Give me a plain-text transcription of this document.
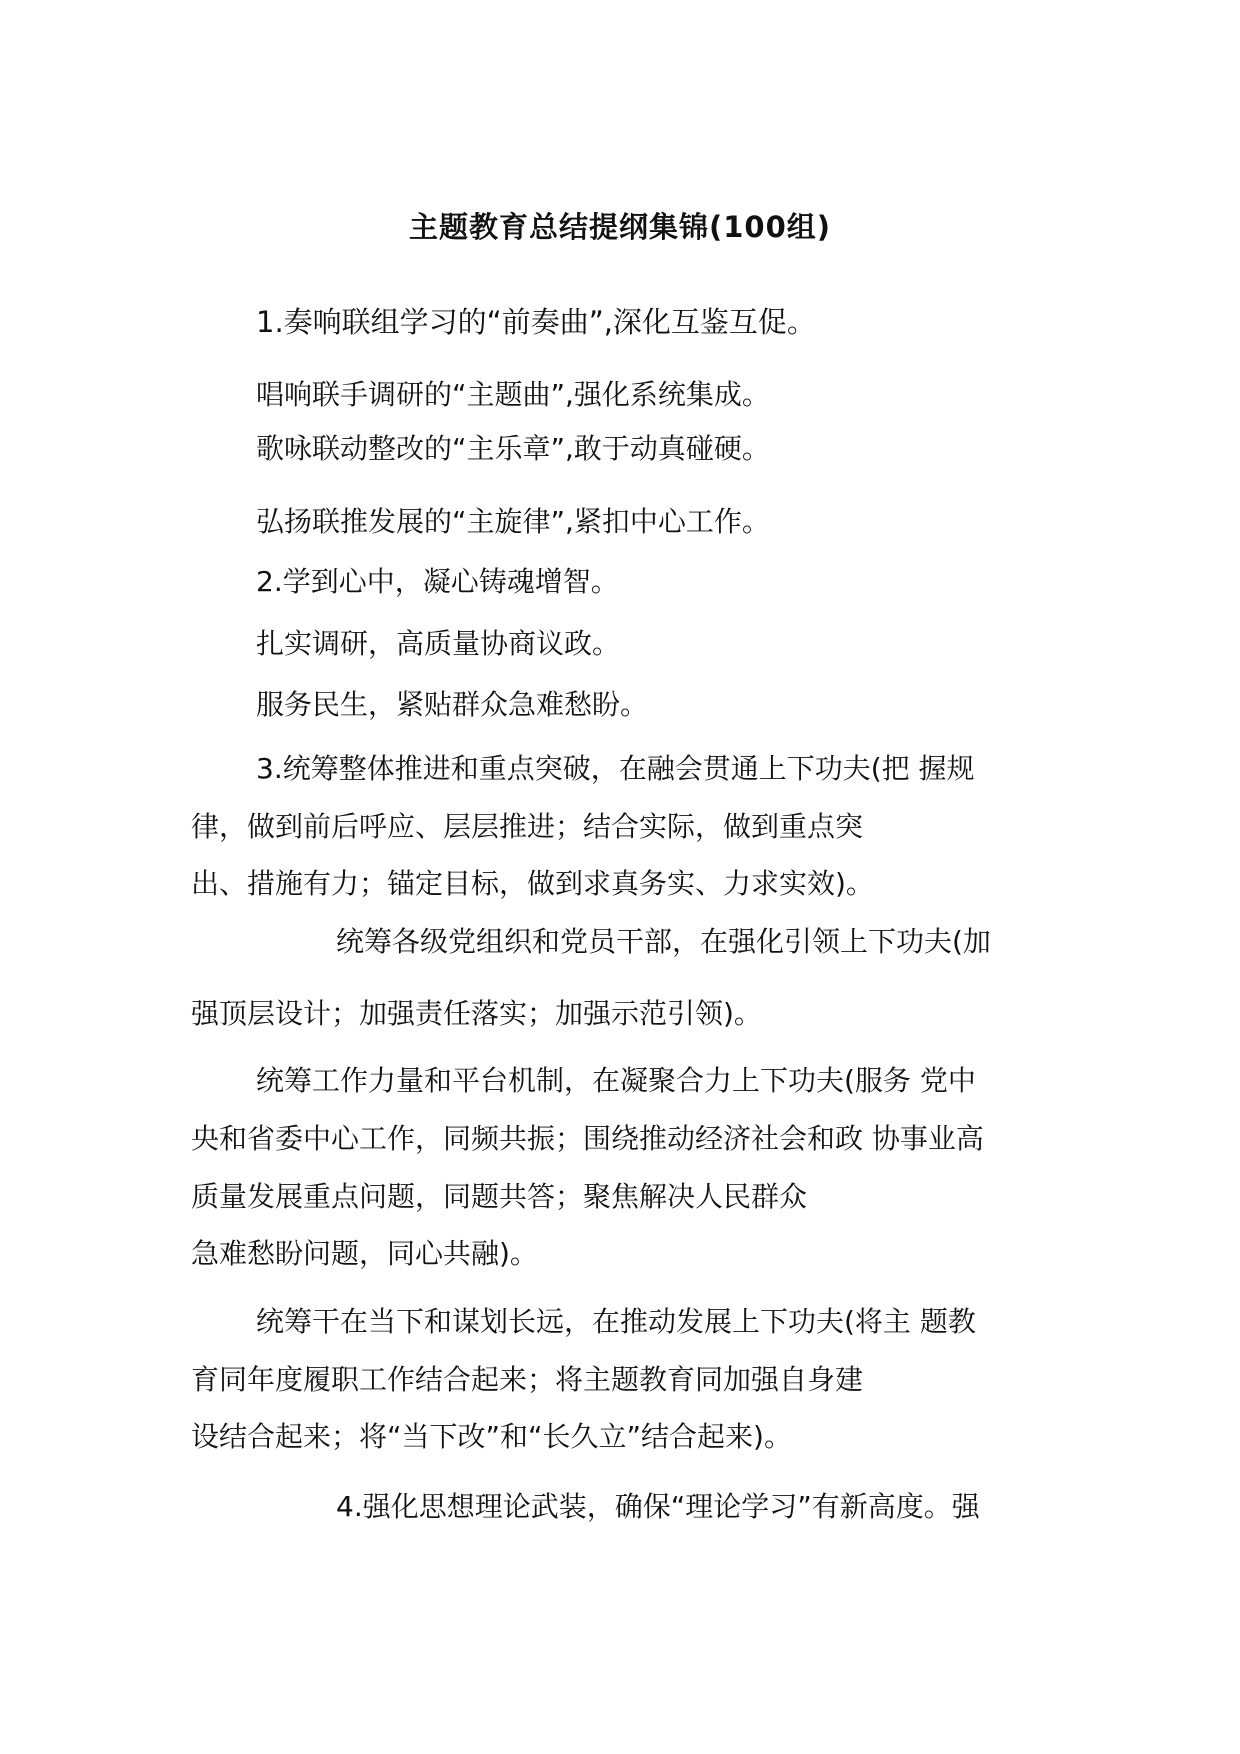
主题教育总结提纲集锦(100组)
1.奏响联组学习的“前奏曲”,深化互鉴互促。
唱响联手调研的“主题曲”,强化系统集成。
歌咏联动整改的“主乐章”,敢于动真碰硬。
弘扬联推发展的“主旋律”,紧扣中心工作。
2.学到心中，凝心铸魂增智。
扎实调研，高质量协商议政。
服务民生，紧贴群众急难愁盼。
3.统筹整体推进和重点突破，在融会贯通上下功夫(把 握规
律，做到前后呼应、层层推进；结合实际，做到重点突
出、措施有力；锚定目标，做到求真务实、力求实效)。
统筹各级党组织和党员干部，在强化引领上下功夫(加
强顶层设计；加强责任落实；加强示范引领)。
统筹工作力量和平台机制，在凝聚合力上下功夫(服务 党中
央和省委中心工作，同频共振；围绕推动经济社会和政 协事业高
质量发展重点问题，同题共答；聚焦解决人民群众
急难愁盼问题，同心共融)。
统筹干在当下和谋划长远，在推动发展上下功夫(将主 题教
育同年度履职工作结合起来；将主题教育同加强自身建
设结合起来；将“当下改”和“长久立”结合起来)。
4.强化思想理论武装，确保“理论学习”有新高度。强
